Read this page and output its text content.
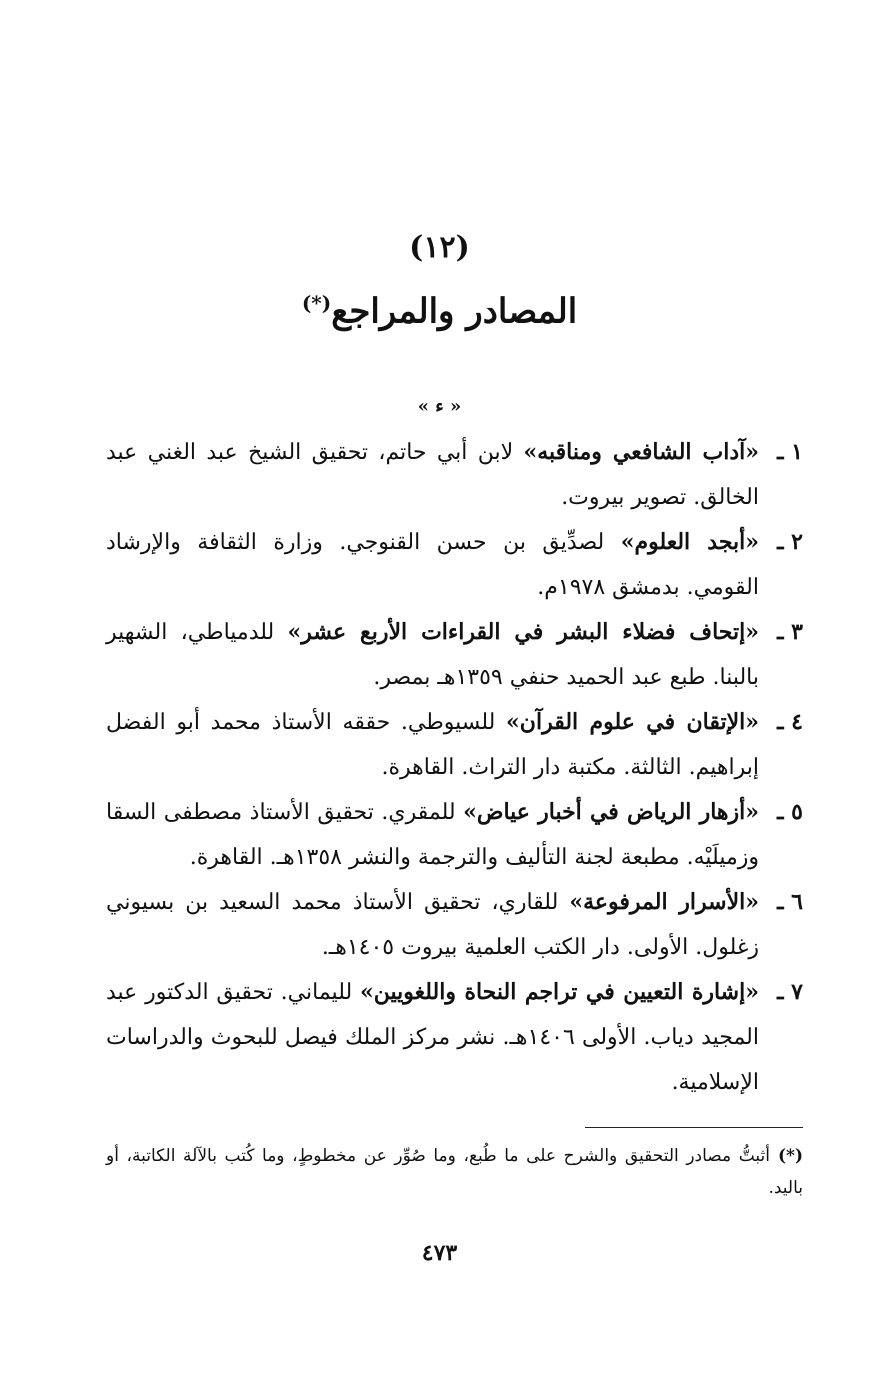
(١٢)
المصادر والمراجع(*)
« ء »
١ ـ
«آداب الشافعي ومناقبه» لابن أبي حاتم، تحقيق الشيخ عبد الغني عبد الخالق. تصوير بيروت.
٢ ـ
«أبجد العلوم» لصدِّيق بن حسن القنوجي. وزارة الثقافة والإرشاد القومي. بدمشق ١٩٧٨م.
٣ ـ
«إتحاف فضلاء البشر في القراءات الأربع عشر» للدمياطي، الشهير بالبنا. طبع عبد الحميد حنفي ١٣٥٩هـ بمصر.
٤ ـ
«الإتقان في علوم القرآن» للسيوطي. حققه الأستاذ محمد أبو الفضل إبراهيم. الثالثة. مكتبة دار التراث. القاهرة.
٥ ـ
«أزهار الرياض في أخبار عياض» للمقري. تحقيق الأستاذ مصطفى السقا وزميلَيْه. مطبعة لجنة التأليف والترجمة والنشر ١٣٥٨هـ. القاهرة.
٦ ـ
«الأسرار المرفوعة» للقاري، تحقيق الأستاذ محمد السعيد بن بسيوني زغلول. الأولى. دار الكتب العلمية بيروت ١٤٠٥هـ.
٧ ـ
«إشارة التعيين في تراجم النحاة واللغويين» لليماني. تحقيق الدكتور عبد المجيد دياب. الأولى ١٤٠٦هـ. نشر مركز الملك فيصل للبحوث والدراسات الإسلامية.
(*)أثبتُّ مصادر التحقيق والشرح على ما طُبع، وما صُوِّر عن مخطوطٍ، وما كُتب بالآلة الكاتبة، أو باليد.
٤٧٣
